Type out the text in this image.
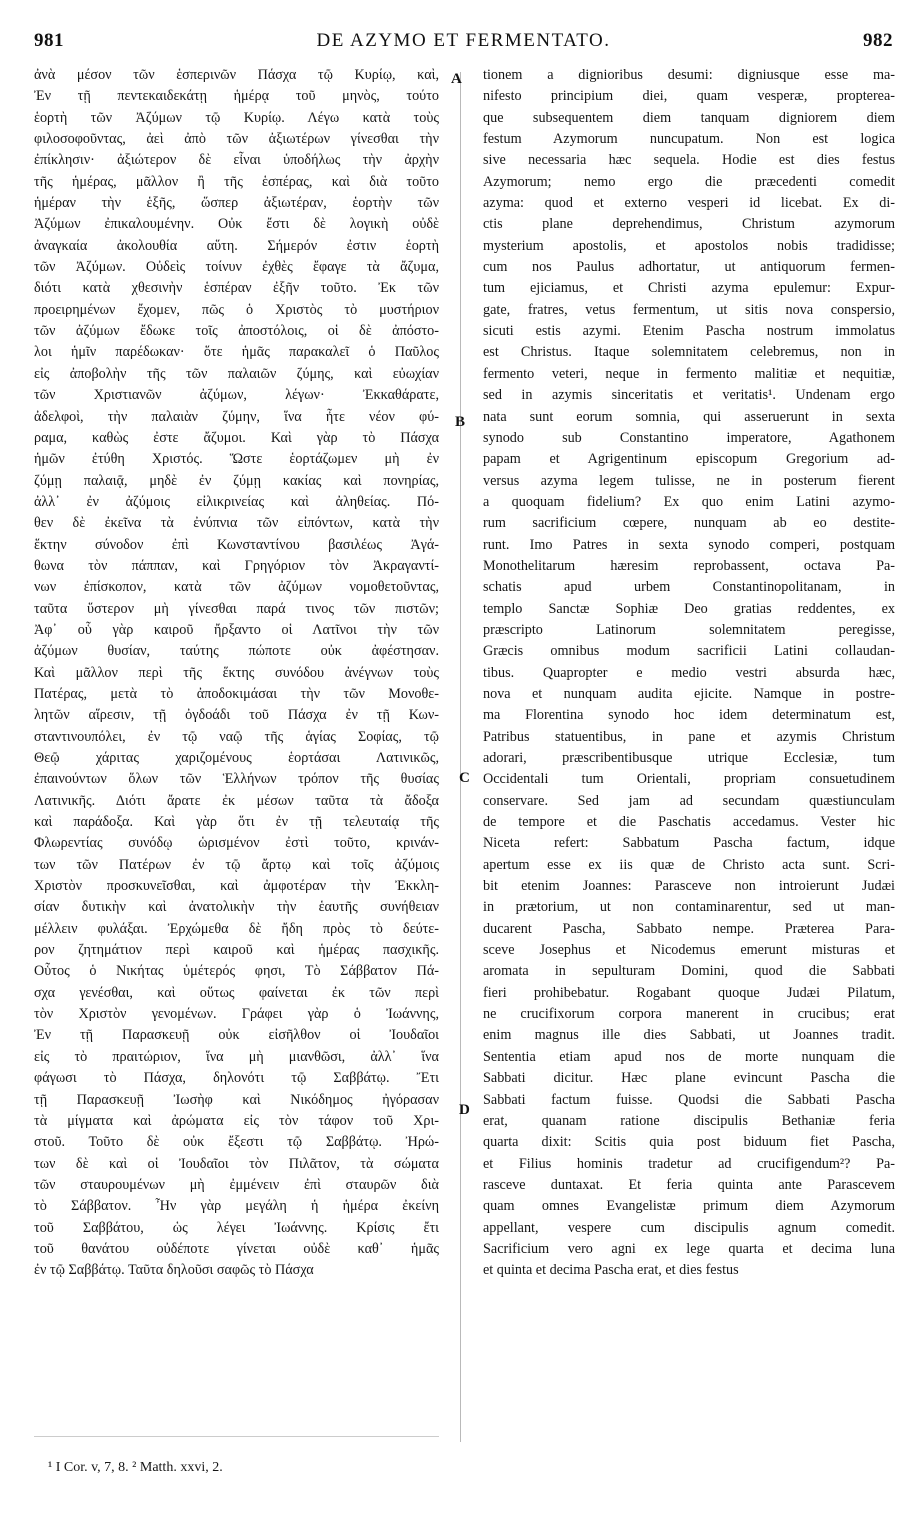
981	DE AZYMO ET FERMENTATO.	982
ἀνὰ μέσον τῶν ἑσπερινῶν Πάσχα τῷ Κυρίῳ, καὶ,
Ἐν τῇ πεντεκαιδεκάτῃ ἡμέρᾳ τοῦ μηνὸς, τούτο
ἑορτὴ τῶν Ἀζύμων τῷ Κυρίῳ. Λέγω κατὰ τοὺς
φιλοσοφοῦντας, ἀεὶ ἀπὸ τῶν ἀξιωτέρων γίνεσθαι τὴν
ἐπίκλησιν· ἀξιώτερον δὲ εἶναι ὑποδήλως τὴν ἀρχὴν
τῆς ἡμέρας, μᾶλλον ἢ τῆς ἑσπέρας, καὶ διὰ τοῦτο
ἡμέραν τὴν ἑξῆς, ὥσπερ ἀξιωτέραν, ἑορτὴν τῶν
Ἀζύμων ἐπικαλουμένην. Οὐκ ἔστι δὲ λογικὴ οὐδὲ
ἀναγκαία ἀκολουθία αὕτη. Σήμερόν ἐστιν ἑορτὴ
τῶν Ἀζύμων. Οὐδεὶς τοίνυν ἐχθὲς ἔφαγε τὰ ἄζυμα,
διότι κατὰ χθεσινὴν ἑσπέραν ἐξῆν τοῦτο. Ἐκ τῶν
προειρημένων ἔχομεν, πῶς ὁ Χριστὸς τὸ μυστήριον
τῶν ἀζύμων ἔδωκε τοῖς ἀποστόλοις, οἱ δὲ ἀπόστο-
λοι ἡμῖν παρέδωκαν· ὅτε ἡμᾶς παρακαλεῖ ὁ Παῦλος
εἰς ἀποβολὴν τῆς τῶν παλαιῶν ζύμης, καὶ εὐωχίαν
τῶν Χριστιανῶν ἀζύμων, λέγων· Ἐκκαθάρατε,
ἀδελφοὶ, τὴν παλαιὰν ζύμην, ἵνα ἦτε νέον φύ-
ραμα, καθὼς ἐστε ἄζυμοι. Καὶ γὰρ τὸ Πάσχα
ἡμῶν ἐτύθη Χριστός. Ὥστε ἑορτάζωμεν μὴ ἐν
ζύμῃ παλαιᾷ, μηδὲ ἐν ζύμῃ κακίας καὶ πονηρίας,
ἀλλ᾽ ἐν ἀζύμοις εἰλικρινείας καὶ ἀληθείας. Πό-
θεν δὲ ἐκεῖνα τὰ ἐνύπνια τῶν εἰπόντων, κατὰ τὴν
ἕκτην σύνοδον ἐπὶ Κωνσταντίνου βασιλέως Ἀγά-
θωνα τὸν πάππαν, καὶ Γρηγόριον τὸν Ἀκραγαντί-
νων ἐπίσκοπον, κατὰ τῶν ἀζύμων νομοθετοῦντας,
ταῦτα ὕστερον μὴ γίνεσθαι παρά τινος τῶν πιστῶν;
Ἀφ᾽ οὗ γὰρ καιροῦ ἤρξαντο οἱ Λατῖνοι τὴν τῶν
ἀζύμων θυσίαν, ταύτης πώποτε οὐκ ἀφέστησαν.
Καὶ μᾶλλον περὶ τῆς ἕκτης συνόδου ἀνέγνων τοὺς
Πατέρας, μετὰ τὸ ἀποδοκιμάσαι τὴν τῶν Μονοθε-
λητῶν αἵρεσιν, τῇ ὀγδοάδι τοῦ Πάσχα ἐν τῇ Κων-
σταντινουπόλει, ἐν τῷ ναῷ τῆς ἁγίας Σοφίας, τῷ
Θεῷ χάριτας χαριζομένους ἑορτάσαι Λατινικῶς,
ἐπαινούντων ὅλων τῶν Ἑλλήνων τρόπον τῆς θυσίας
Λατινικῆς. Διότι ἄρατε ἐκ μέσων ταῦτα τὰ ἄδοξα
καὶ παράδοξα. Καὶ γὰρ ὅτι ἐν τῇ τελευταίᾳ τῆς
Φλωρεντίας συνόδῳ ὡρισμένον ἐστὶ τοῦτο, κρινάν-
των τῶν Πατέρων ἐν τῷ ἄρτῳ καὶ τοῖς ἀζύμοις
Χριστὸν προσκυνεῖσθαι, καὶ ἀμφοτέραν τὴν Ἐκκλη-
σίαν δυτικὴν καὶ ἀνατολικὴν τὴν ἑαυτῆς συνήθειαν
μέλλειν φυλάξαι. Ἐρχώμεθα δὲ ἤδη πρὸς τὸ δεύτε-
ρον ζητημάτιον περὶ καιροῦ καὶ ἡμέρας πασχικῆς.
Οὗτος ὁ Νικήτας ὑμέτερός φησι, Τὸ Σάββατον Πά-
σχα γενέσθαι, καὶ οὕτως φαίνεται ἐκ τῶν περὶ
τὸν Χριστὸν γενομένων. Γράφει γὰρ ὁ Ἰωάννης,
Ἐν τῇ Παρασκευῇ οὐκ εἰσῆλθον οἱ Ἰουδαῖοι
εἰς τὸ πραιτώριον, ἵνα μὴ μιανθῶσι, ἀλλ᾽ ἵνα
φάγωσι τὸ Πάσχα, δηλονότι τῷ Σαββάτῳ. Ἔτι
τῇ Παρασκευῇ Ἰωσὴφ καὶ Νικόδημος ἠγόρασαν
τὰ μίγματα καὶ ἀρώματα εἰς τὸν τάφον τοῦ Χρι-
στοῦ. Τοῦτο δὲ οὐκ ἔξεστι τῷ Σαββάτῳ. Ἠρώ-
των δὲ καὶ οἱ Ἰουδαῖοι τὸν Πιλᾶτον, τὰ σώματα
τῶν σταυρουμένων μὴ ἐμμένειν ἐπὶ σταυρῶν διὰ
τὸ Σάββατον. Ἦν γὰρ μεγάλη ἡ ἡμέρα ἐκείνη
τοῦ Σαββάτου, ὡς λέγει Ἰωάννης. Κρίσις ἔτι
τοῦ θανάτου οὐδέποτε γίνεται οὐδὲ καθ᾽ ἡμᾶς
ἐν τῷ Σαββάτῳ. Ταῦτα δηλοῦσι σαφῶς τὸ Πάσχα
tionem a dignioribus desumi: digniusque esse ma-
nifesto principium diei, quam vesperæ, propterea-
que subsequentem diem tanquam digniorem diem
festum Azymorum nuncupatum. Non est logica
sive necessaria hæc sequela. Hodie est dies festus
Azymorum; nemo ergo die præcedenti comedit
azyma: quod et externo vesperi id licebat. Ex di-
ctis plane deprehendimus, Christum azymorum
mysterium apostolis, et apostolos nobis tradidisse;
cum nos Paulus adhortatur, ut antiquorum fermen-
tum ejiciamus, et Christi azyma epulemur: Expur-
gate, fratres, vetus fermentum, ut sitis nova conspersio,
sicuti estis azymi. Etenim Pascha nostrum immolatus
est Christus. Itaque solemnitatem celebremus, non in
fermento veteri, neque in fermento malitiæ et nequitiæ,
sed in azymis sinceritatis et veritatis¹. Undenam ergo
nata sunt eorum somnia, qui asseruerunt in sexta
synodo sub Constantino imperatore, Agathonem
papam et Agrigentinum episcopum Gregorium ad-
versus azyma legem tulisse, ne in posterum fierent
a quoquam fidelium? Ex quo enim Latini azymo-
rum sacrificium cœpere, nunquam ab eo destite-
runt. Imo Patres in sexta synodo comperi, postquam
Monothelitarum hæresim reprobassent, octava Pa-
schatis apud urbem Constantinopolitanam, in
templo Sanctæ Sophiæ Deo gratias reddentes, ex
præscripto Latinorum solemnitatem peregisse,
Græcis omnibus modum sacrificii Latini collaudan-
tibus. Quapropter e medio vestri absurda hæc,
nova et nunquam audita ejicite. Namque in postre-
ma Florentina synodo hoc idem determinatum est,
Patribus statuentibus, in pane et azymis Christum
adorari, præscribentibusque utrique Ecclesiæ, tum
Occidentali tum Orientali, propriam consuetudinem
conservare. Sed jam ad secundam quæstiunculam
de tempore et die Paschatis accedamus. Vester hic
Niceta refert: Sabbatum Pascha factum, idque
apertum esse ex iis quæ de Christo acta sunt. Scri-
bit etenim Joannes: Parasceve non introierunt Judæi
in prætorium, ut non contaminarentur, sed ut man-
ducarent Pascha, Sabbato nempe. Præterea Para-
sceve Josephus et Nicodemus emerunt misturas et
aromata in sepulturam Domini, quod die Sabbati
fieri prohibebatur. Rogabant quoque Judæi Pilatum,
ne crucifixorum corpora manerent in crucibus; erat
enim magnus ille dies Sabbati, ut Joannes tradit.
Sententia etiam apud nos de morte nunquam die
Sabbati dicitur. Hæc plane evincunt Pascha die
Sabbati factum fuisse. Quodsi die Sabbati Pascha
erat, quanam ratione discipulis Bethaniæ feria
quarta dixit: Scitis quia post biduum fiet Pascha,
et Filius hominis tradetur ad crucifigendum²? Pa-
rasceve duntaxat. Et feria quinta ante Parascevem
quam omnes Evangelistæ primum diem Azymorum
appellant, vespere cum discipulis agnum comedit.
Sacrificium vero agni ex lege quarta et decima luna
et quinta et decima Pascha erat, et dies festus
A
B
C
D
¹ I Cor. v, 7, 8. ² Matth. xxvi, 2.
